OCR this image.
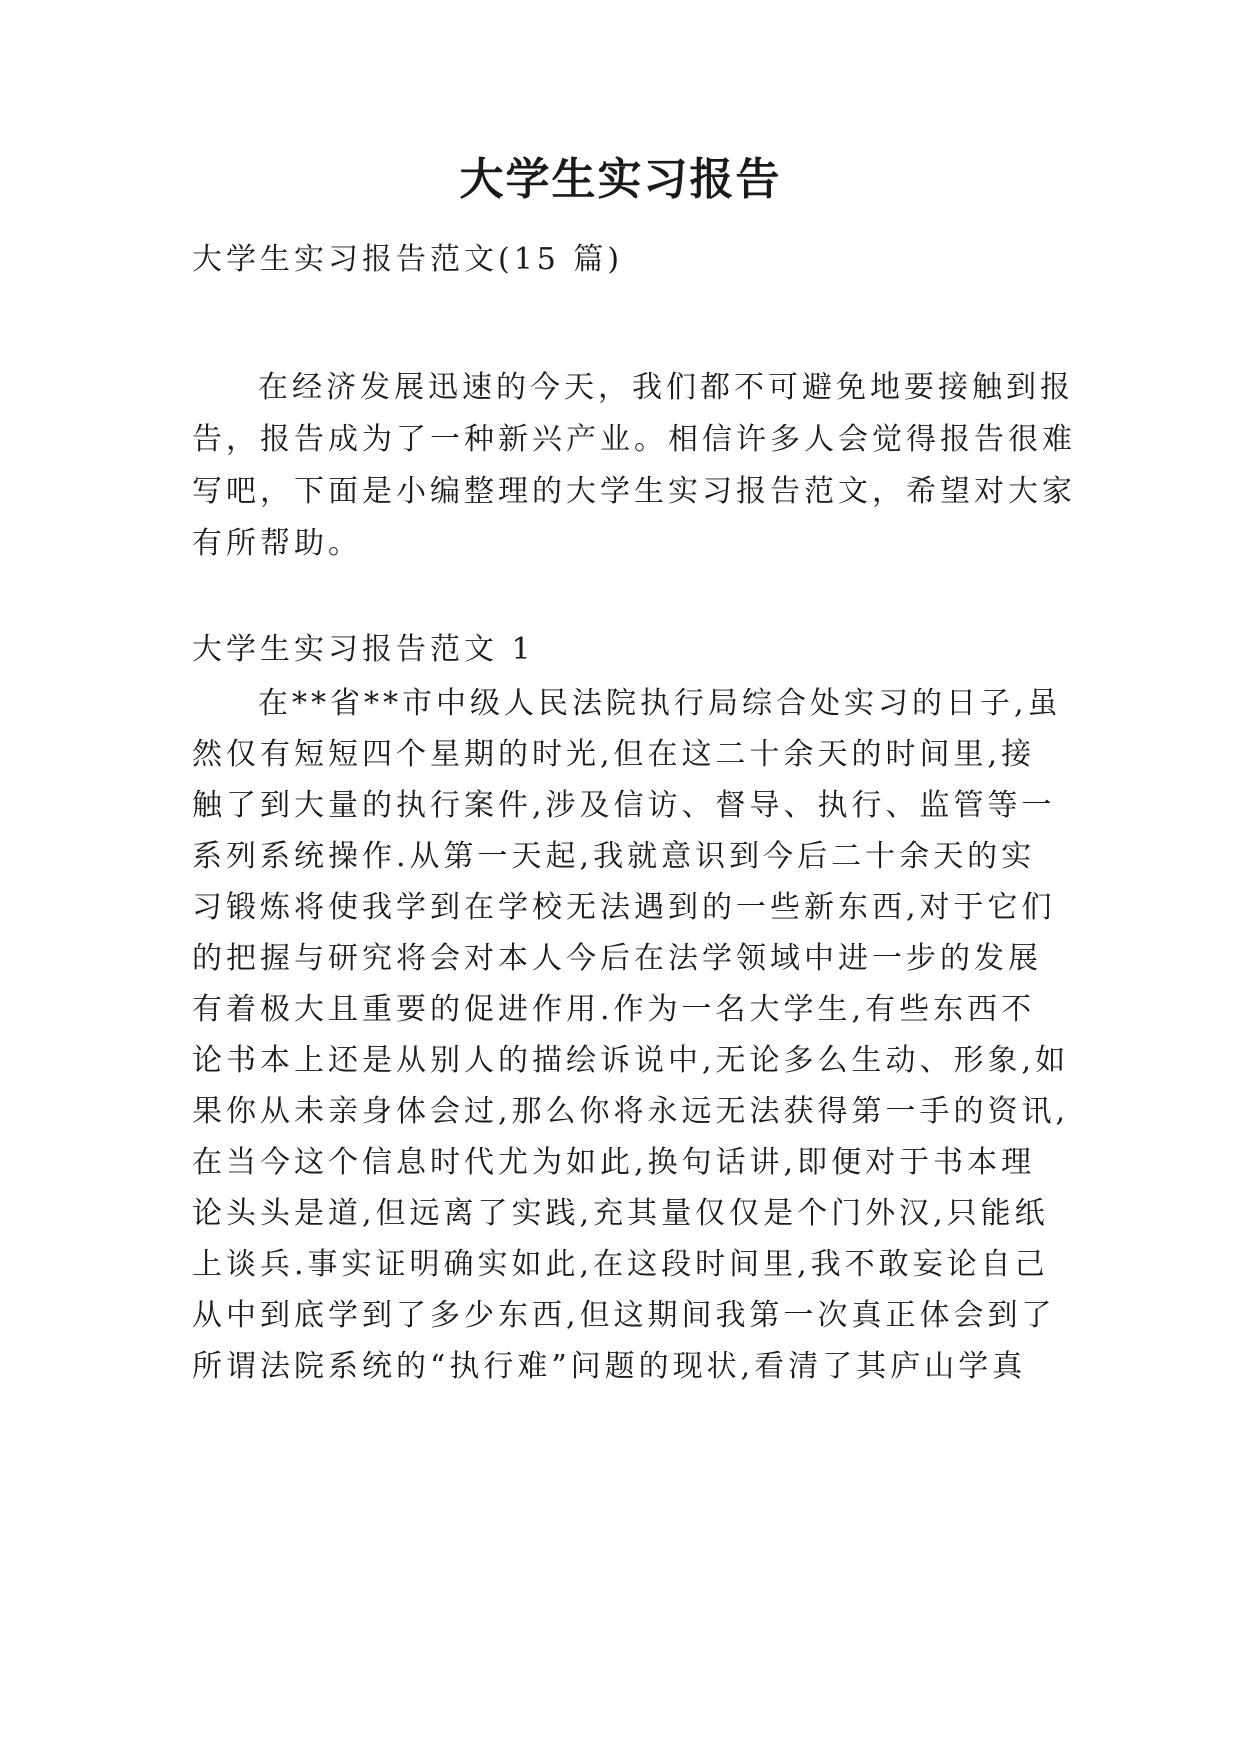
大学生实习报告
大学生实习报告范文(15 篇)
在经济发展迅速的今天，我们都不可避免地要接触到报
告，报告成为了一种新兴产业。相信许多人会觉得报告很难
写吧，下面是小编整理的大学生实习报告范文，希望对大家
有所帮助。
大学生实习报告范文 1
在**省**市中级人民法院执行局综合处实习的日子,虽
然仅有短短四个星期的时光,但在这二十余天的时间里,接
触了到大量的执行案件,涉及信访、督导、执行、监管等一
系列系统操作.从第一天起,我就意识到今后二十余天的实
习锻炼将使我学到在学校无法遇到的一些新东西,对于它们
的把握与研究将会对本人今后在法学领域中进一步的发展
有着极大且重要的促进作用.作为一名大学生,有些东西不
论书本上还是从别人的描绘诉说中,无论多么生动、形象,如
果你从未亲身体会过,那么你将永远无法获得第一手的资讯,
在当今这个信息时代尤为如此,换句话讲,即便对于书本理
论头头是道,但远离了实践,充其量仅仅是个门外汉,只能纸
上谈兵.事实证明确实如此,在这段时间里,我不敢妄论自己
从中到底学到了多少东西,但这期间我第一次真正体会到了
所谓法院系统的“执行难”问题的现状,看清了其庐山学真
